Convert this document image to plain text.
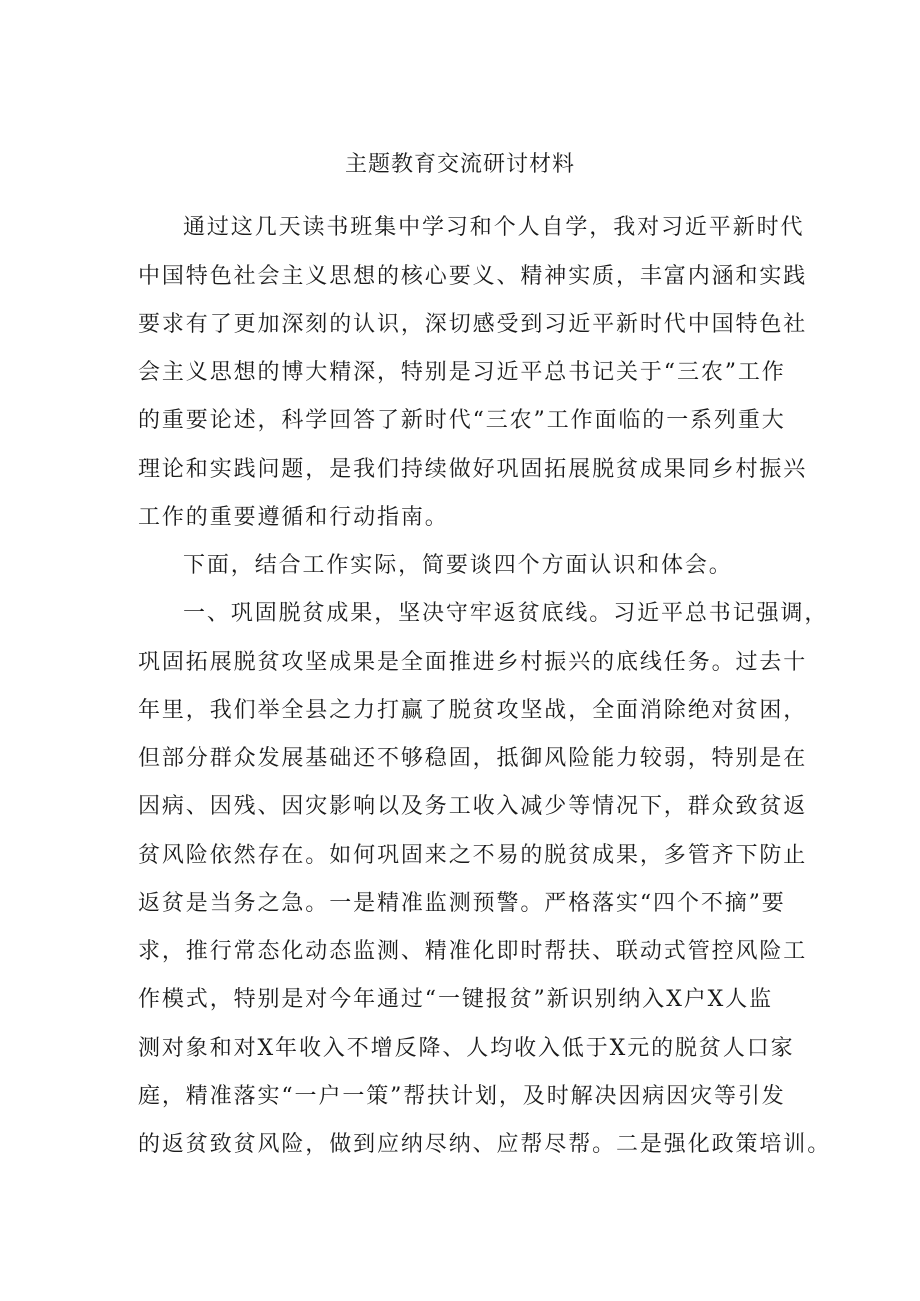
主题教育交流研讨材料
通过这几天读书班集中学习和个人自学，我对习近平新时代
中国特色社会主义思想的核心要义、精神实质，丰富内涵和实践
要求有了更加深刻的认识，深切感受到习近平新时代中国特色社
会主义思想的博大精深，特别是习近平总书记关于“三农”工作
的重要论述，科学回答了新时代“三农”工作面临的一系列重大
理论和实践问题，是我们持续做好巩固拓展脱贫成果同乡村振兴
工作的重要遵循和行动指南。
下面，结合工作实际，简要谈四个方面认识和体会。
一、巩固脱贫成果，坚决守牢返贫底线。习近平总书记强调，
巩固拓展脱贫攻坚成果是全面推进乡村振兴的底线任务。过去十
年里，我们举全县之力打赢了脱贫攻坚战，全面消除绝对贫困，
但部分群众发展基础还不够稳固，抵御风险能力较弱，特别是在
因病、因残、因灾影响以及务工收入减少等情况下，群众致贫返
贫风险依然存在。如何巩固来之不易的脱贫成果，多管齐下防止
返贫是当务之急。一是精准监测预警。严格落实“四个不摘”要
求，推行常态化动态监测、精准化即时帮扶、联动式管控风险工
作模式，特别是对今年通过“一键报贫”新识别纳入X户X人监
测对象和对X年收入不增反降、人均收入低于X元的脱贫人口家
庭，精准落实“一户一策”帮扶计划，及时解决因病因灾等引发
的返贫致贫风险，做到应纳尽纳、应帮尽帮。二是强化政策培训。
